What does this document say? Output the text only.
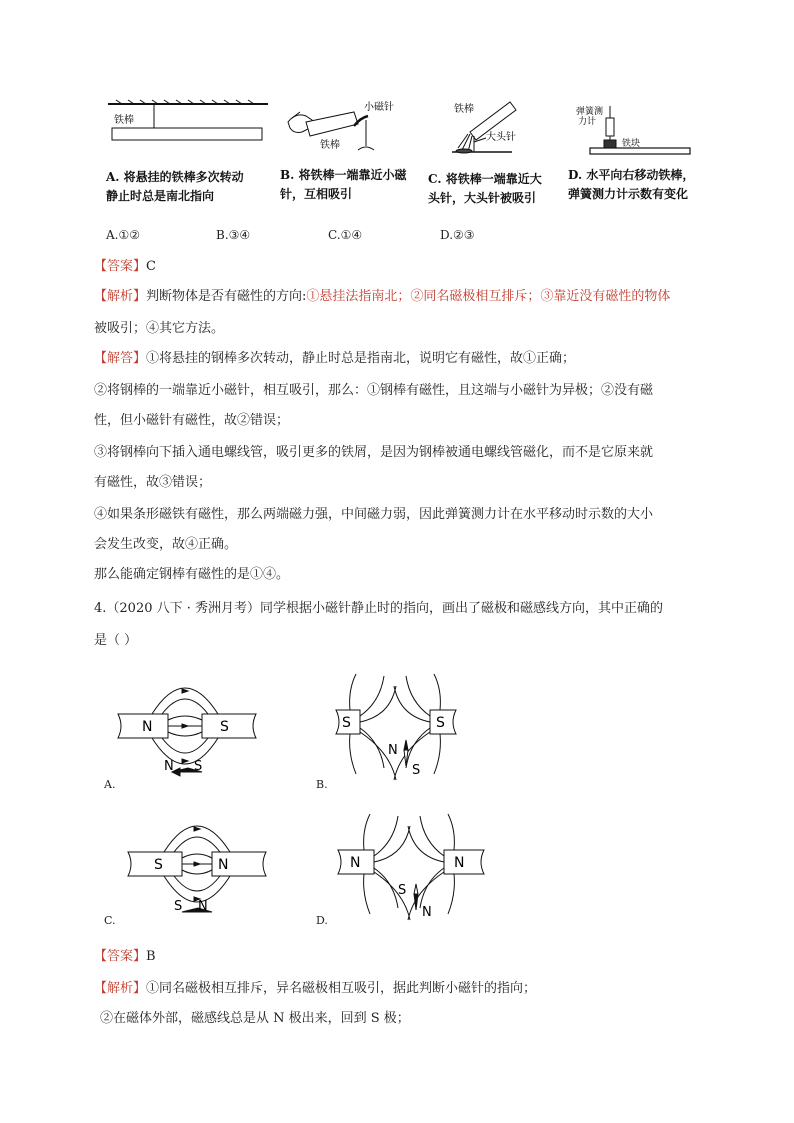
铁棒
小磁针
铁棒
铁棒
大头针
弹簧测
力计
铁块
A. 将悬挂的铁棒多次转动
静止时总是南北指向
B. 将铁棒一端靠近小磁
针，互相吸引
C. 将铁棒一端靠近大
头针，大头针被吸引
D. 水平向右移动铁棒，
弹簧测力计示数有变化
A.①②	B.③④	C.①④	D.②③
【答案】C
【解析】判断物体是否有磁性的方向:①悬挂法指南北；②同名磁极相互排斥；③靠近没有磁性的物体
被吸引；④其它方法。
【解答】①将悬挂的钢棒多次转动，静止时总是指南北，说明它有磁性，故①正确；
②将钢棒的一端靠近小磁针，相互吸引，那么：①钢棒有磁性，且这端与小磁针为异极；②没有磁
性，但小磁针有磁性，故②错误；
③将钢棒向下插入通电螺线管，吸引更多的铁屑，是因为钢棒被通电螺线管磁化，而不是它原来就
有磁性，故③错误；
④如果条形磁铁有磁性，那么两端磁力强，中间磁力弱，因此弹簧测力计在水平移动时示数的大小
会发生改变，故④正确。
那么能确定钢棒有磁性的是①④。
4.（2020 八下 · 秀洲月考）同学根据小磁针静止时的指向，画出了磁极和磁感线方向，其中正确的
是（ ）
N	S
N S
A.
S	S
N
S
B.
S	N
S N
C.
N	N
S
N
D.
【答案】B
【解析】①同名磁极相互排斥，异名磁极相互吸引，据此判断小磁针的指向；
②在磁体外部，磁感线总是从 N 极出来，回到 S 极；
